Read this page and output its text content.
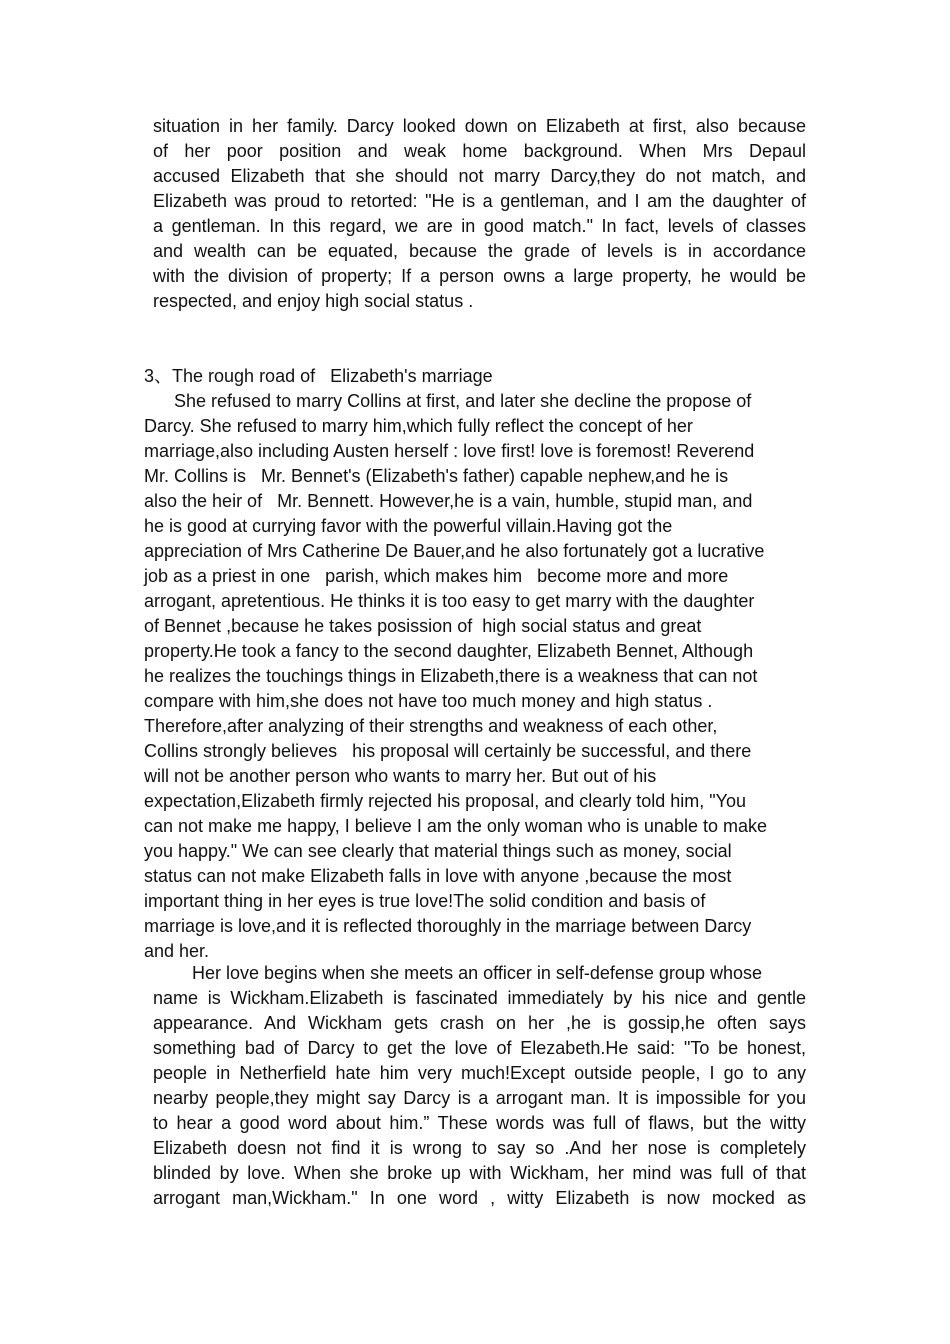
situation in her family. Darcy looked down on Elizabeth at first, also because
of her poor position and weak home background. When Mrs Depaul
accused Elizabeth that she should not marry Darcy,they do not match, and
Elizabeth was proud to retorted: "He is a gentleman, and I am the daughter of
a gentleman. In this regard, we are in good match." In fact, levels of classes
and wealth can be equated, because the grade of levels is in accordance
with the division of property; If a person owns a large property, he would be
respected, and enjoy high social status .
3、The rough road of   Elizabeth's marriage
She refused to marry Collins at first, and later she decline the propose of
Darcy. She refused to marry him,which fully reflect the concept of her
marriage,also including Austen herself : love first! love is foremost! Reverend
Mr. Collins is   Mr. Bennet's (Elizabeth's father) capable nephew,and he is
also the heir of   Mr. Bennett. However,he is a vain, humble, stupid man, and
he is good at currying favor with the powerful villain.Having got the
appreciation of Mrs Catherine De Bauer,and he also fortunately got a lucrative
job as a priest in one   parish, which makes him   become more and more
arrogant, apretentious. He thinks it is too easy to get marry with the daughter
of Bennet ,because he takes posission of  high social status and great
property.He took a fancy to the second daughter, Elizabeth Bennet, Although
he realizes the touchings things in Elizabeth,there is a weakness that can not
compare with him,she does not have too much money and high status .
Therefore,after analyzing of their strengths and weakness of each other,
Collins strongly believes   his proposal will certainly be successful, and there
will not be another person who wants to marry her. But out of his
expectation,Elizabeth firmly rejected his proposal, and clearly told him, "You
can not make me happy, I believe I am the only woman who is unable to make
you happy." We can see clearly that material things such as money, social
status can not make Elizabeth falls in love with anyone ,because the most
important thing in her eyes is true love!The solid condition and basis of
marriage is love,and it is reflected thoroughly in the marriage between Darcy
and her.
Her love begins when she meets an officer in self-defense group whose
name is Wickham.Elizabeth is fascinated immediately by his nice and gentle
appearance. And Wickham gets crash on her ,he is gossip,he often says
something bad of Darcy to get the love of Elezabeth.He said: "To be honest,
people in Netherfield hate him very much!Except outside people, I go to any
nearby people,they might say Darcy is a arrogant man. It is impossible for you
to hear a good word about him.” These words was full of flaws, but the witty
Elizabeth doesn not find it is wrong to say so .And her nose is completely
blinded by love. When she broke up with Wickham, her mind was full of that
arrogant man,Wickham." In one word , witty Elizabeth is now mocked as
